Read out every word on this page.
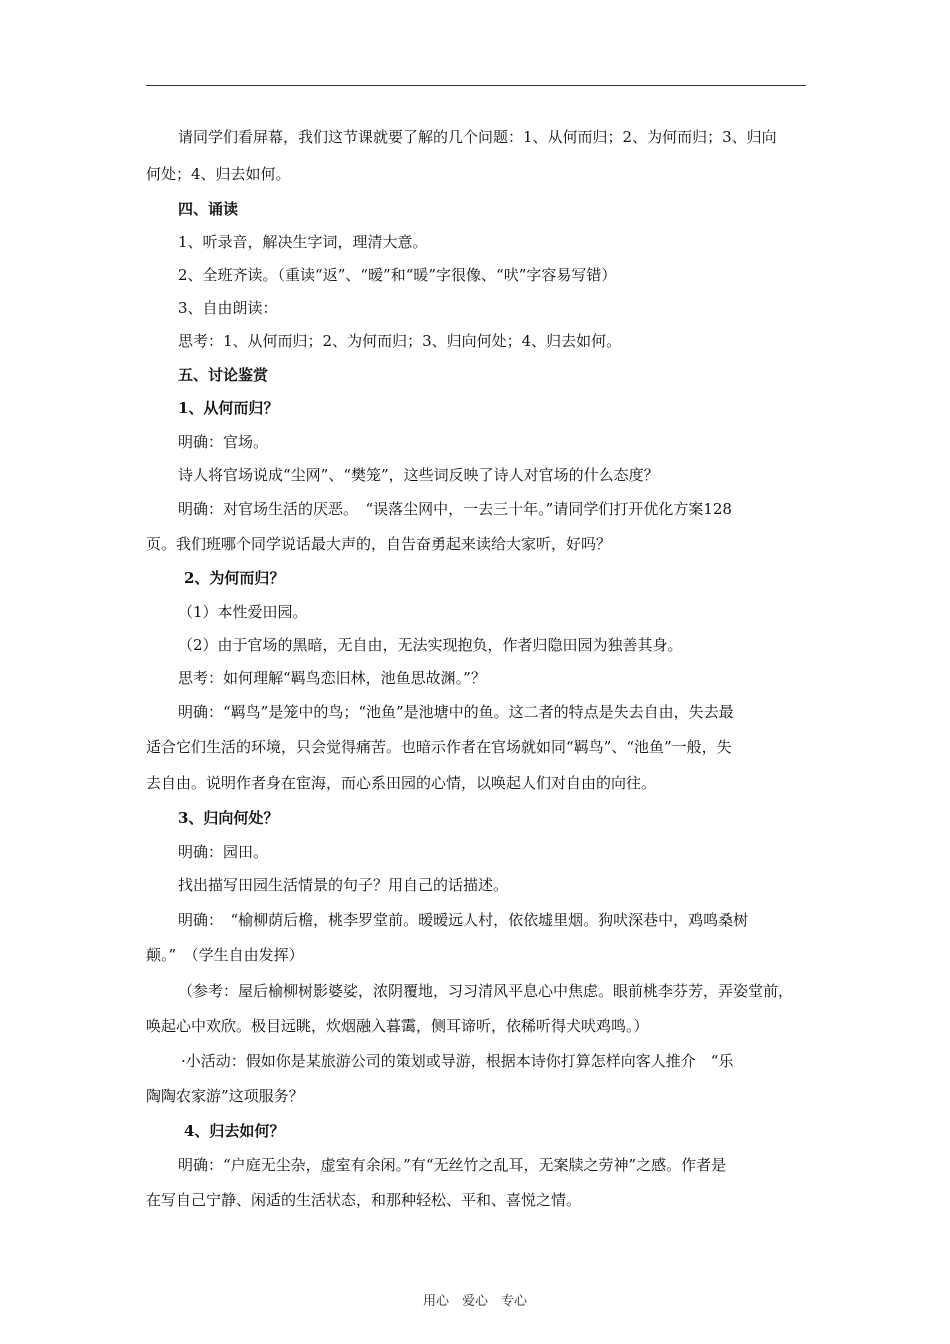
请同学们看屏幕，我们这节课就要了解的几个问题：1、从何而归；2、为何而归；3、归向
何处；4、归去如何。
四、诵读
1、听录音，解决生字词，理清大意。
2、全班齐读。（重读“返”、“暧”和“暖”字很像、“吠”字容易写错）
3、自由朗读：
思考：1、从何而归；2、为何而归；3、归向何处；4、归去如何。
五、讨论鉴赏
1、从何而归？
明确：官场。
诗人将官场说成“尘网”、“樊笼”，这些词反映了诗人对官场的什么态度？
明确：对官场生活的厌恶。　“误落尘网中，一去三十年。”请同学们打开优化方案128
页。我们班哪个同学说话最大声的，自告奋勇起来读给大家听，好吗？
2、为何而归？
（1）本性爱田园。
（2）由于官场的黑暗，无自由，无法实现抱负，作者归隐田园为独善其身。
思考：如何理解“羁鸟恋旧林，池鱼思故渊。”？
明确：“羁鸟”是笼中的鸟；“池鱼”是池塘中的鱼。这二者的特点是失去自由，失去最
适合它们生活的环境，只会觉得痛苦。也暗示作者在官场就如同“羁鸟”、“池鱼”一般，失
去自由。说明作者身在宦海，而心系田园的心情，以唤起人们对自由的向往。
3、归向何处？
明确：园田。
找出描写田园生活情景的句子？用自己的话描述。
明确：　“榆柳荫后檐，桃李罗堂前。暧暧远人村，依依墟里烟。狗吠深巷中，鸡鸣桑树
颠。”　（学生自由发挥）
（参考：屋后榆柳树影婆娑，浓阴覆地，习习清风平息心中焦虑。眼前桃李芬芳，弄姿堂前，
唤起心中欢欣。极目远眺，炊烟融入暮霭，侧耳谛听，依稀听得犬吠鸡鸣。）
·小活动：假如你是某旅游公司的策划或导游，根据本诗你打算怎样向客人推介　“乐
陶陶农家游”这项服务？
4、归去如何？
明确：“户庭无尘杂，虚室有余闲。”有“无丝竹之乱耳，无案牍之劳神”之感。作者是
在写自己宁静、闲适的生活状态，和那种轻松、平和、喜悦之情。
用心　爱心　专心
